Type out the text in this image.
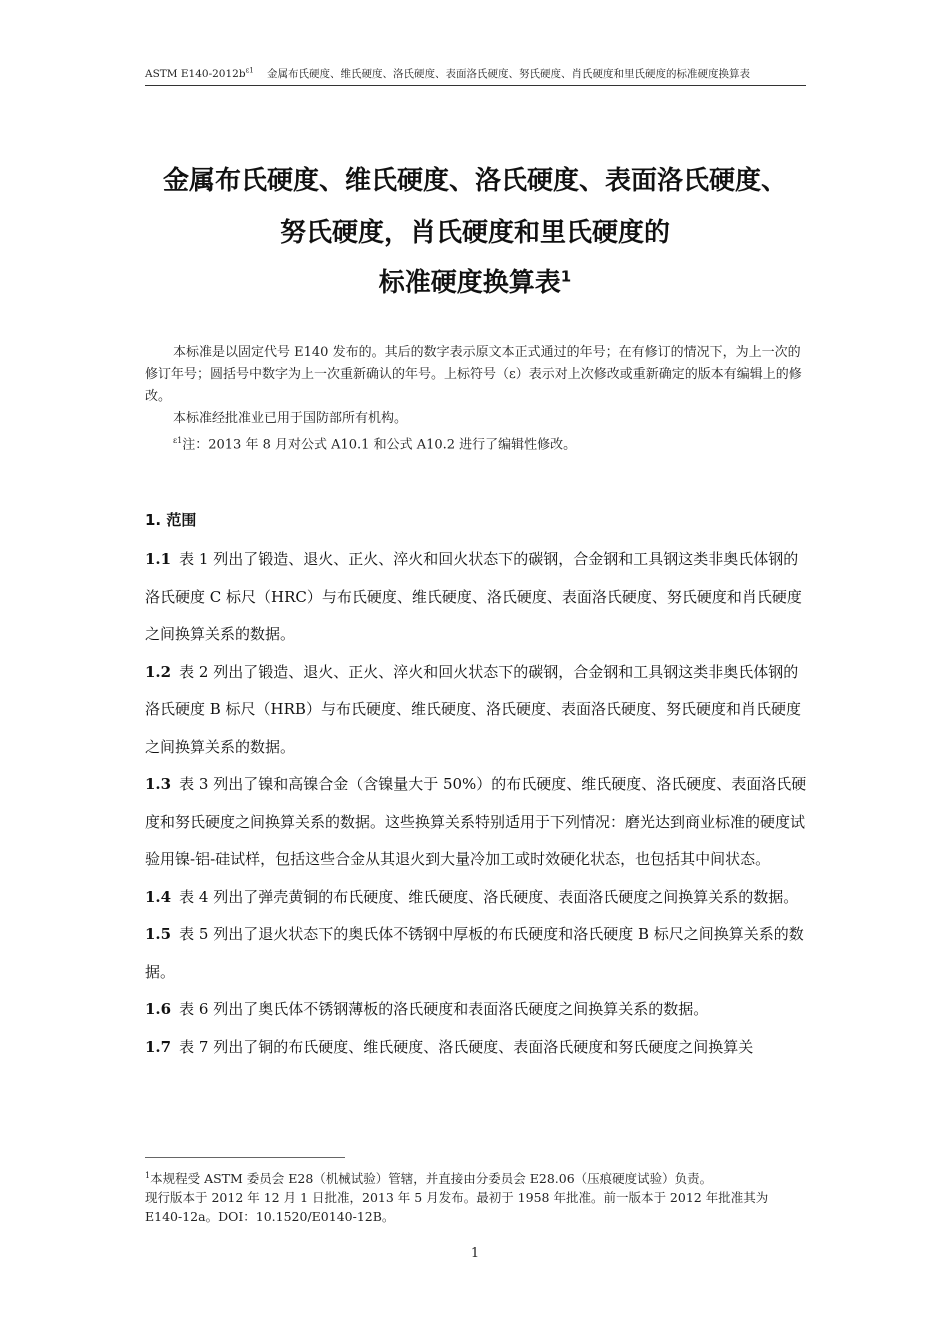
ASTM $E140-2012b^{\varepsilon 1}$ 金属布氏硬度、维氏硬度、洛氏硬度、表面洛氏硬度、努氏硬度、肖氏硬度和里氏硬度的标准硬度换算表
金属布氏硬度、维氏硬度、洛氏硬度、表面洛氏硬度、
努氏硬度，肖氏硬度和里氏硬度的
标准硬度换算表$^1$

本标准是以固定代号 E140 发布的。其后的数字表示原文本正式通过的年号；在有修订的情况下，为上一次的修订年号；圆括号中数字为上一次重新确认的年号。上标符号（ε）表示对上次修改或重新确定的版本有编辑上的修改。

本标准经批准业已用于国防部所有机构。

$^{\varepsilon 1}$注：2013 年 8 月对公式 A10.1 和公式 A10.2 进行了编辑性修改。

1. 范围

1.1 表 1 列出了锻造、退火、正火、淬火和回火状态下的碳钢，合金钢和工具钢这类非奥氏体钢的洛氏硬度 C 标尺（HRC）与布氏硬度、维氏硬度、洛氏硬度、表面洛氏硬度、努氏硬度和肖氏硬度之间换算关系的数据。

1.2 表 2 列出了锻造、退火、正火、淬火和回火状态下的碳钢，合金钢和工具钢这类非奥氏体钢的洛氏硬度 B 标尺（HRB）与布氏硬度、维氏硬度、洛氏硬度、表面洛氏硬度、努氏硬度和肖氏硬度之间换算关系的数据。

1.3 表 3 列出了镍和高镍合金（含镍量大于 50%）的布氏硬度、维氏硬度、洛氏硬度、表面洛氏硬度和努氏硬度之间换算关系的数据。这些换算关系特别适用于下列情况：磨光达到商业标准的硬度试验用镍-铝-硅试样，包括这些合金从其退火到大量冷加工或时效硬化状态，也包括其中间状态。

1.4 表 4 列出了弹壳黄铜的布氏硬度、维氏硬度、洛氏硬度、表面洛氏硬度之间换算关系的数据。

1.5 表 5 列出了退火状态下的奥氏体不锈钢中厚板的布氏硬度和洛氏硬度 B 标尺之间换算关系的数据。

1.6 表 6 列出了奥氏体不锈钢薄板的洛氏硬度和表面洛氏硬度之间换算关系的数据。

1.7 表 7 列出了铜的布氏硬度、维氏硬度、洛氏硬度、表面洛氏硬度和努氏硬度之间换算关

$^1$本规程受 ASTM 委员会 E28（机械试验）管辖，并直接由分委员会 E28.06（压痕硬度试验）负责。

现行版本于 2012 年 12 月 1 日批准，2013 年 5 月发布。最初于 1958 年批准。前一版本于 2012 年批准其为 E140-12a。DOI：10.1520/E0140-12B。

1
